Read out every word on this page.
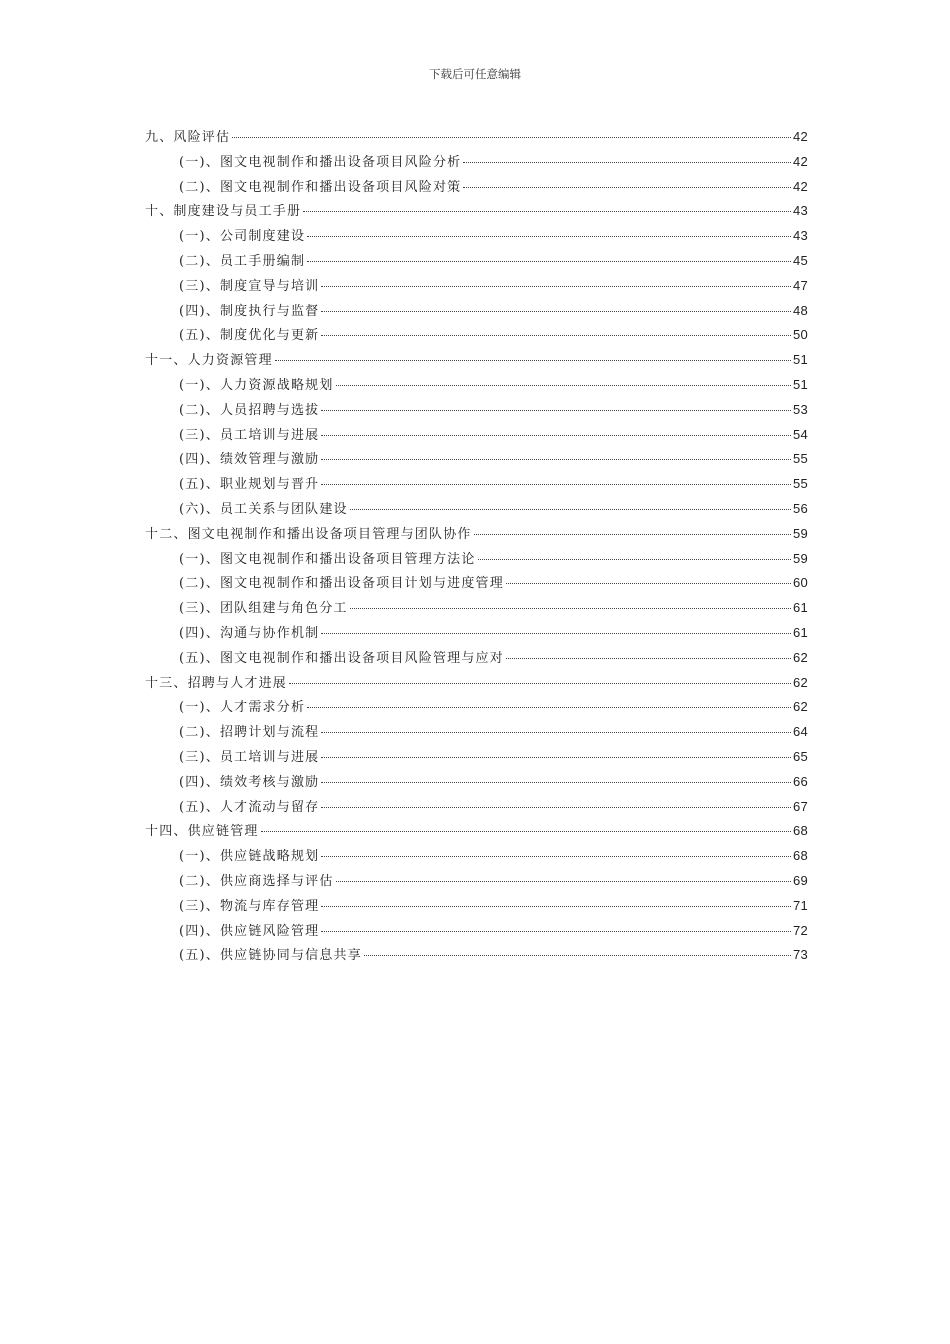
下载后可任意编辑
九、风险评估	42
(一)、图文电视制作和播出设备项目风险分析	42
(二)、图文电视制作和播出设备项目风险对策	42
十、制度建设与员工手册	43
(一)、公司制度建设	43
(二)、员工手册编制	45
(三)、制度宣导与培训	47
(四)、制度执行与监督	48
(五)、制度优化与更新	50
十一、人力资源管理	51
(一)、人力资源战略规划	51
(二)、人员招聘与选拔	53
(三)、员工培训与进展	54
(四)、绩效管理与激励	55
(五)、职业规划与晋升	55
(六)、员工关系与团队建设	56
十二、图文电视制作和播出设备项目管理与团队协作	59
(一)、图文电视制作和播出设备项目管理方法论	59
(二)、图文电视制作和播出设备项目计划与进度管理	60
(三)、团队组建与角色分工	61
(四)、沟通与协作机制	61
(五)、图文电视制作和播出设备项目风险管理与应对	62
十三、招聘与人才进展	62
(一)、人才需求分析	62
(二)、招聘计划与流程	64
(三)、员工培训与进展	65
(四)、绩效考核与激励	66
(五)、人才流动与留存	67
十四、供应链管理	68
(一)、供应链战略规划	68
(二)、供应商选择与评估	69
(三)、物流与库存管理	71
(四)、供应链风险管理	72
(五)、供应链协同与信息共享	73
